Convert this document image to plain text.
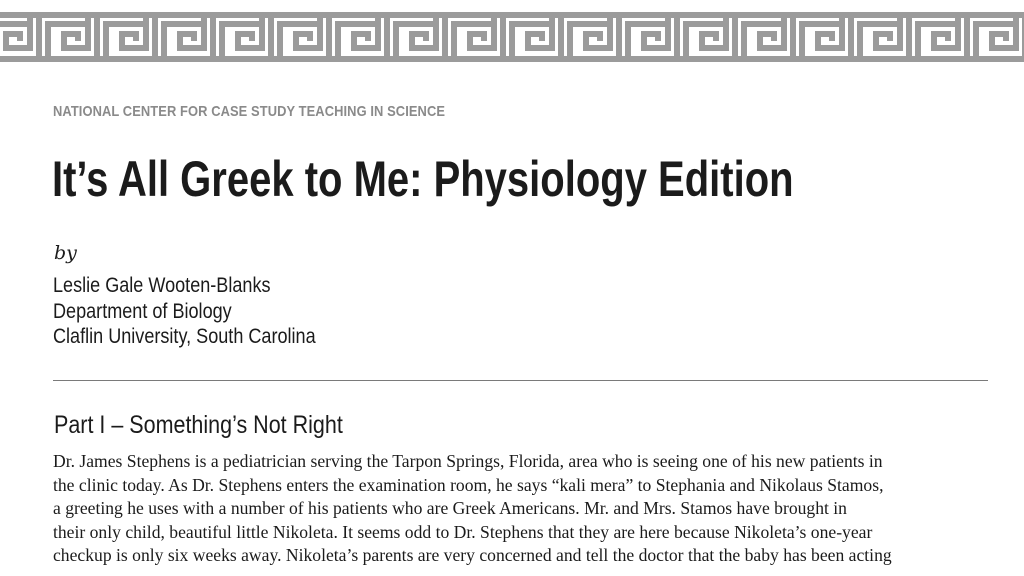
NATIONAL CENTER FOR CASE STUDY TEACHING IN SCIENCE
It’s All Greek to Me: Physiology Edition
by
Leslie Gale Wooten-Blanks
Department of Biology
Claflin University, South Carolina
Part I – Something’s Not Right
Dr. James Stephens is a pediatrician serving the Tarpon Springs, Florida, area who is seeing one of his new patients in
the clinic today. As Dr. Stephens enters the examination room, he says “kali mera” to Stephania and Nikolaus Stamos,
a greeting he uses with a number of his patients who are Greek Americans. Mr. and Mrs. Stamos have brought in
their only child, beautiful little Nikoleta. It seems odd to Dr. Stephens that they are here because Nikoleta’s one-year
checkup is only six weeks away. Nikoleta’s parents are very concerned and tell the doctor that the baby has been acting
